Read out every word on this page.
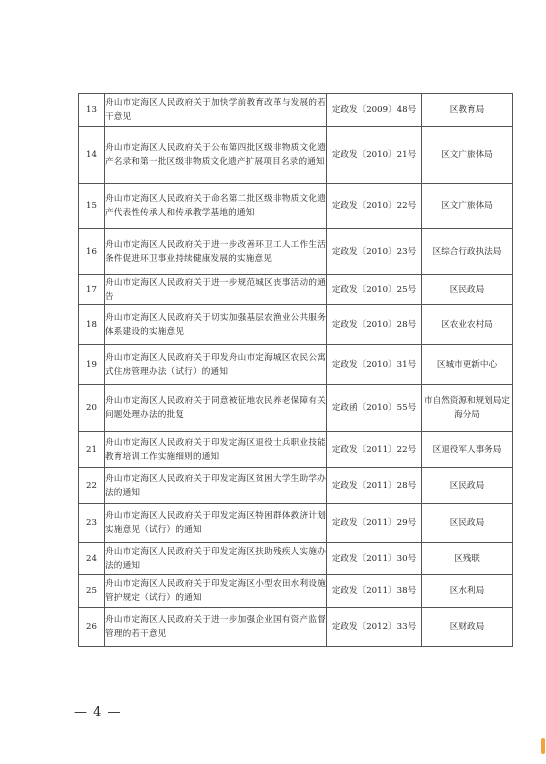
13	舟山市定海区人民政府关于加快学前教育改革与发展的若干意见	定政发〔2009〕48号	区教育局
14	舟山市定海区人民政府关于公布第四批区级非物质文化遗产名录和第一批区级非物质文化遗产扩展项目名录的通知	定政发〔2010〕21号	区文广旅体局
15	舟山市定海区人民政府关于命名第二批区级非物质文化遗产代表性传承人和传承教学基地的通知	定政发〔2010〕22号	区文广旅体局
16	舟山市定海区人民政府关于进一步改善环卫工人工作生活条件促进环卫事业持续健康发展的实施意见	定政发〔2010〕23号	区综合行政执法局
17	舟山市定海区人民政府关于进一步规范城区丧事活动的通告	定政发〔2010〕25号	区民政局
18	舟山市定海区人民政府关于切实加强基层农渔业公共服务体系建设的实施意见	定政发〔2010〕28号	区农业农村局
19	舟山市定海区人民政府关于印发舟山市定海城区农民公寓式住房管理办法（试行）的通知	定政发〔2010〕31号	区城市更新中心
20	舟山市定海区人民政府关于同意被征地农民养老保障有关问题处理办法的批复	定政函〔2010〕55号	市自然资源和规划局定海分局
21	舟山市定海区人民政府关于印发定海区退役士兵职业技能教育培训工作实施细则的通知	定政发〔2011〕22号	区退役军人事务局
22	舟山市定海区人民政府关于印发定海区贫困大学生助学办法的通知	定政发〔2011〕28号	区民政局
23	舟山市定海区人民政府关于印发定海区特困群体救济计划实施意见（试行）的通知	定政发〔2011〕29号	区民政局
24	舟山市定海区人民政府关于印发定海区扶助残疾人实施办法的通知	定政发〔2011〕30号	区残联
25	舟山市定海区人民政府关于印发定海区小型农田水利设施管护规定（试行）的通知	定政发〔2011〕38号	区水利局
26	舟山市定海区人民政府关于进一步加强企业国有资产监督管理的若干意见	定政发〔2012〕33号	区财政局
— 4 —
